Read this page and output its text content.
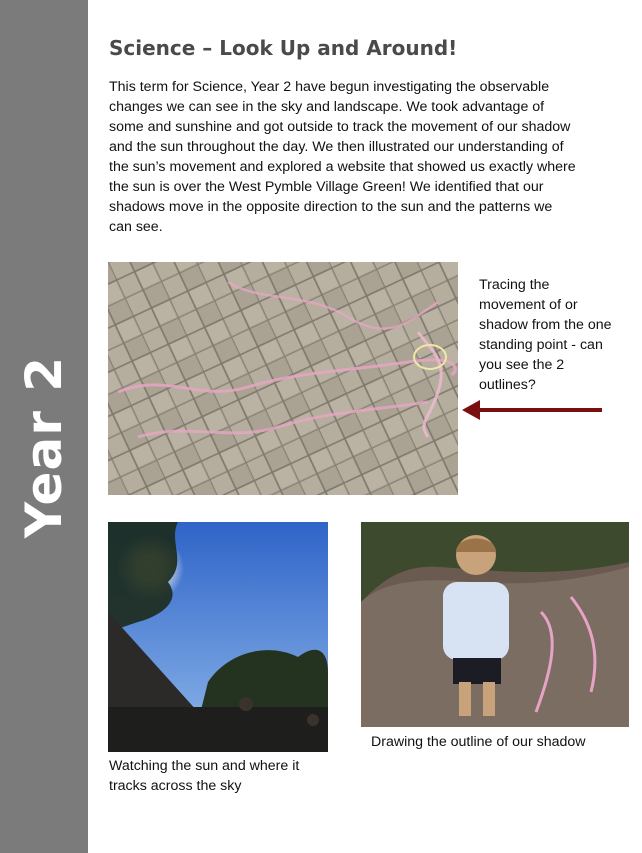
Year 2
Science – Look Up and Around!

This term for Science, Year 2 have begun investigating the observable changes we can see in the sky and landscape. We took advantage of some and sunshine and got outside to track the movement of our shadow and the sun throughout the day. We then illustrated our understanding of the sun’s movement and explored a website that showed us exactly where the sun is over the West Pymble Village Green! We identified that our shadows move in the opposite direction to the sun and the patterns we can see.

Tracing the movement of or shadow from the one standing point - can you see the 2 outlines?

Watching the sun and where it tracks across the sky

Drawing the outline of our shadow
